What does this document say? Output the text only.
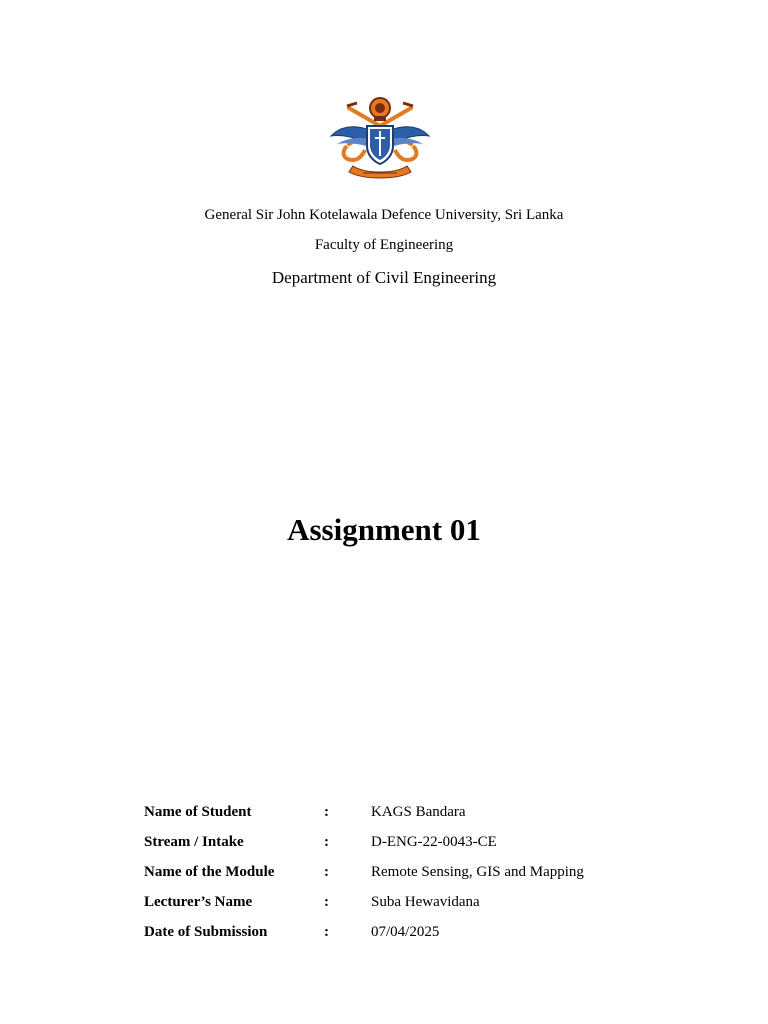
General Sir John Kotelawala Defence University, Sri Lanka
Faculty of Engineering
Department of Civil Engineering
Assignment 01
Name of Student	:	KAGS Bandara
Stream / Intake	:	D-ENG-22-0043-CE
Name of the Module	:	Remote Sensing, GIS and Mapping
Lecturer’s Name	:	Suba Hewavidana
Date of Submission	:	07/04/2025
